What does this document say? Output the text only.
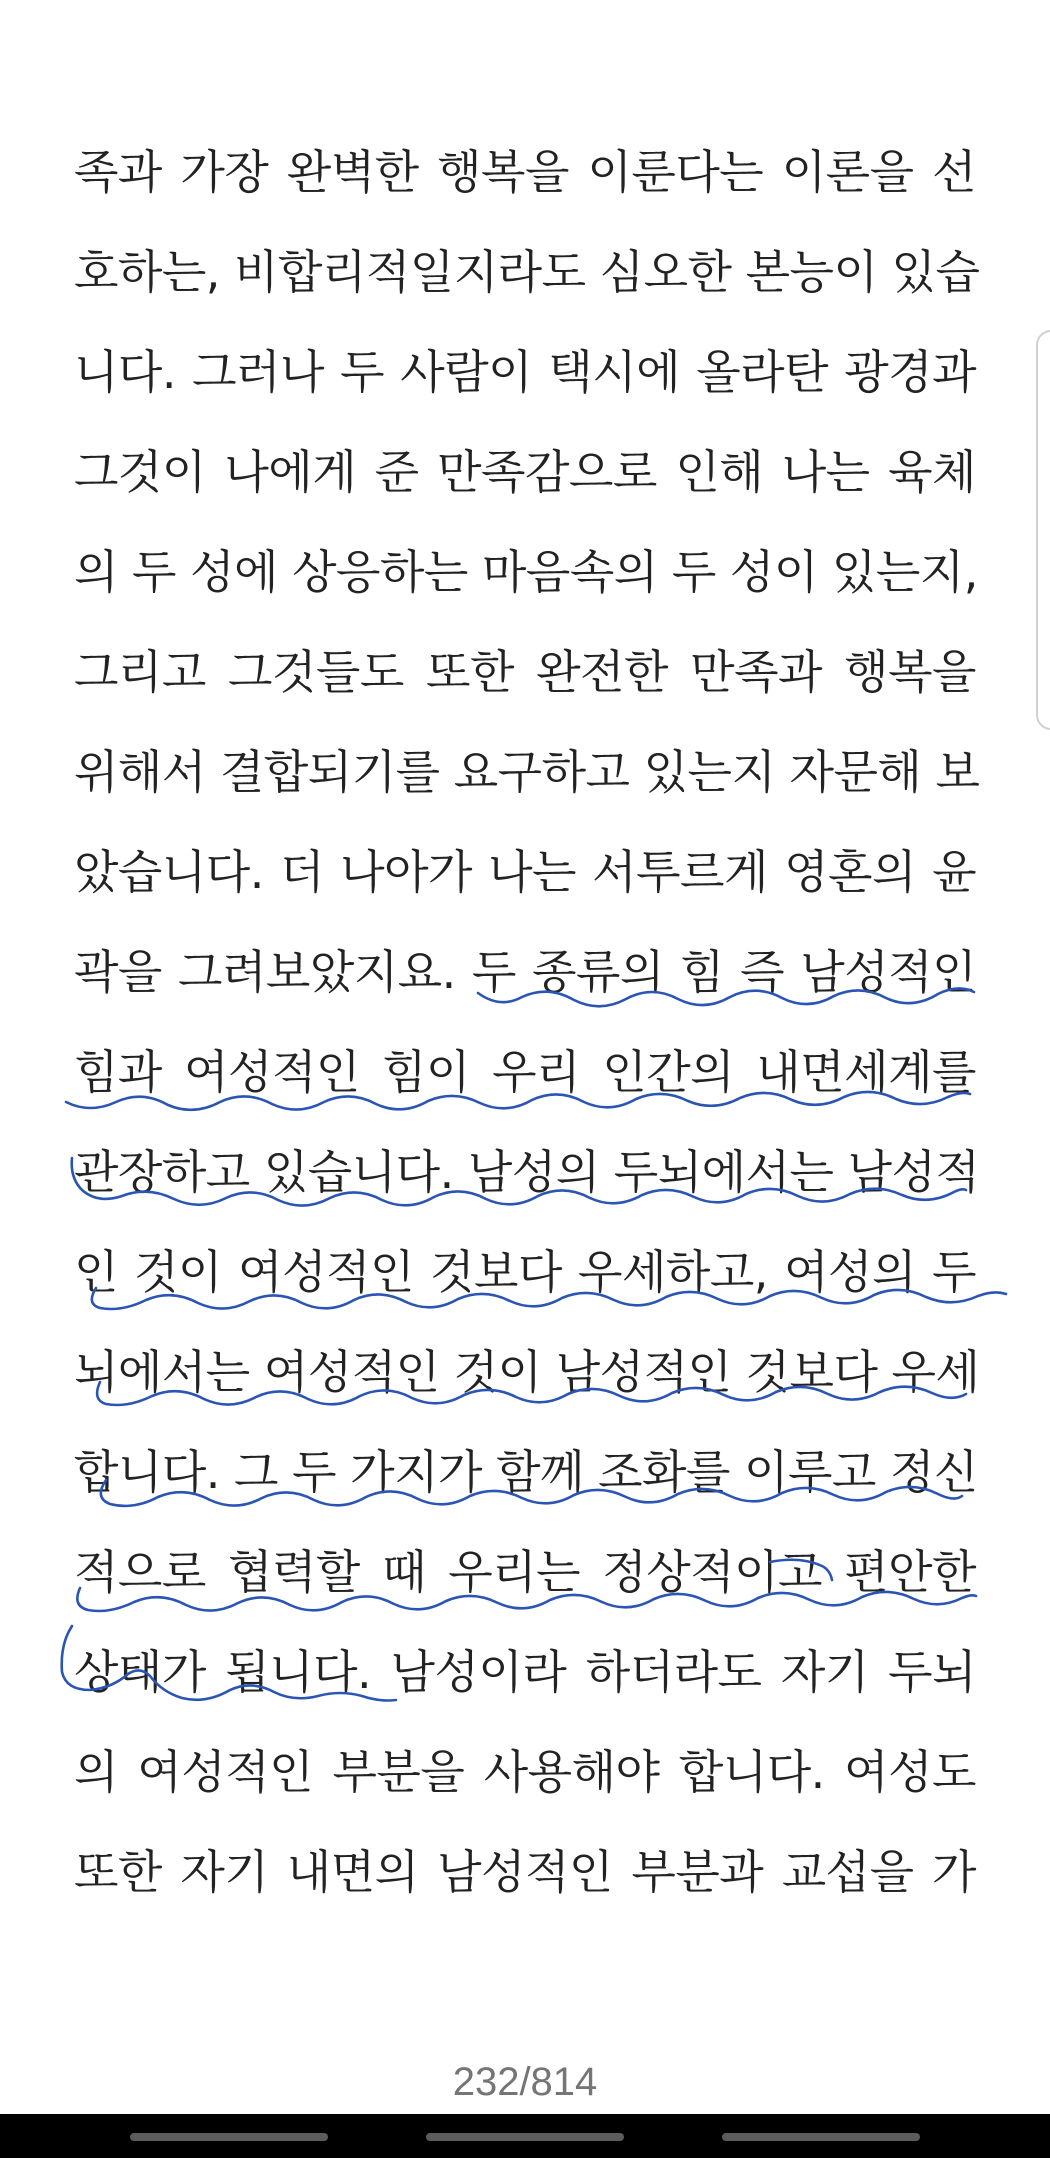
족과 가장 완벽한 행복을 이룬다는 이론을 선
호하는, 비합리적일지라도 심오한 본능이 있습
니다. 그러나 두 사람이 택시에 올라탄 광경과
그것이 나에게 준 만족감으로 인해 나는 육체
의 두 성에 상응하는 마음속의 두 성이 있는지,
그리고 그것들도 또한 완전한 만족과 행복을
위해서 결합되기를 요구하고 있는지 자문해 보
았습니다. 더 나아가 나는 서투르게 영혼의 윤
곽을 그려보았지요. 두 종류의 힘 즉 남성적인
힘과 여성적인 힘이 우리 인간의 내면세계를
관장하고 있습니다. 남성의 두뇌에서는 남성적
인 것이 여성적인 것보다 우세하고, 여성의 두
뇌에서는 여성적인 것이 남성적인 것보다 우세
합니다. 그 두 가지가 함께 조화를 이루고 정신
적으로 협력할 때 우리는 정상적이고 편안한
상태가 됩니다. 남성이라 하더라도 자기 두뇌
의 여성적인 부분을 사용해야 합니다. 여성도
또한 자기 내면의 남성적인 부분과 교섭을 가
232/814
